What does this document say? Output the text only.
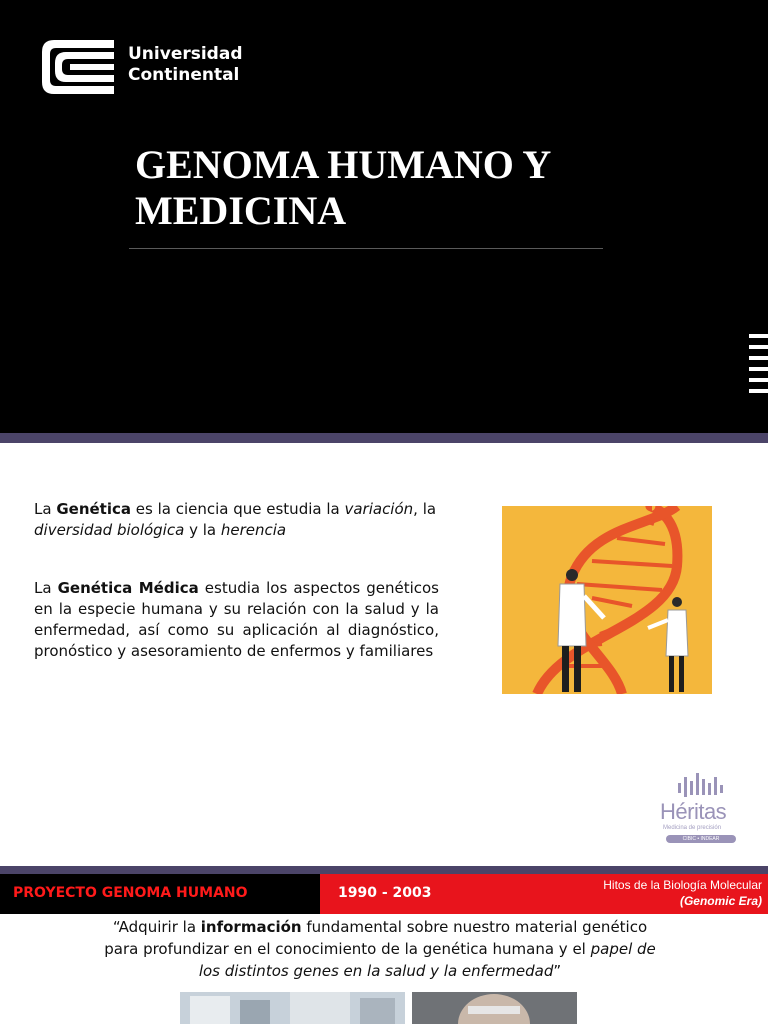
Universidad
Continental
GENOMA HUMANO Y MEDICINA

La Genética es la ciencia que estudia la variación, la diversidad biológica y la herencia

La Genética Médica estudia los aspectos genéticos en la especie humana y su relación con la salud y la enfermedad, así como su aplicación al diagnóstico, pronóstico y asesoramiento de enfermos y familiares

Héritas
Medicina de precisión
CIBIC • INDEAR
PROYECTO GENOMA HUMANO	1990 - 2003	Hitos de la Biología Molecular
(Genomic Era)

“Adquirir la información fundamental sobre nuestro material genético para profundizar en el conocimiento de la genética humana y el papel de los distintos genes en la salud y la enfermedad”
